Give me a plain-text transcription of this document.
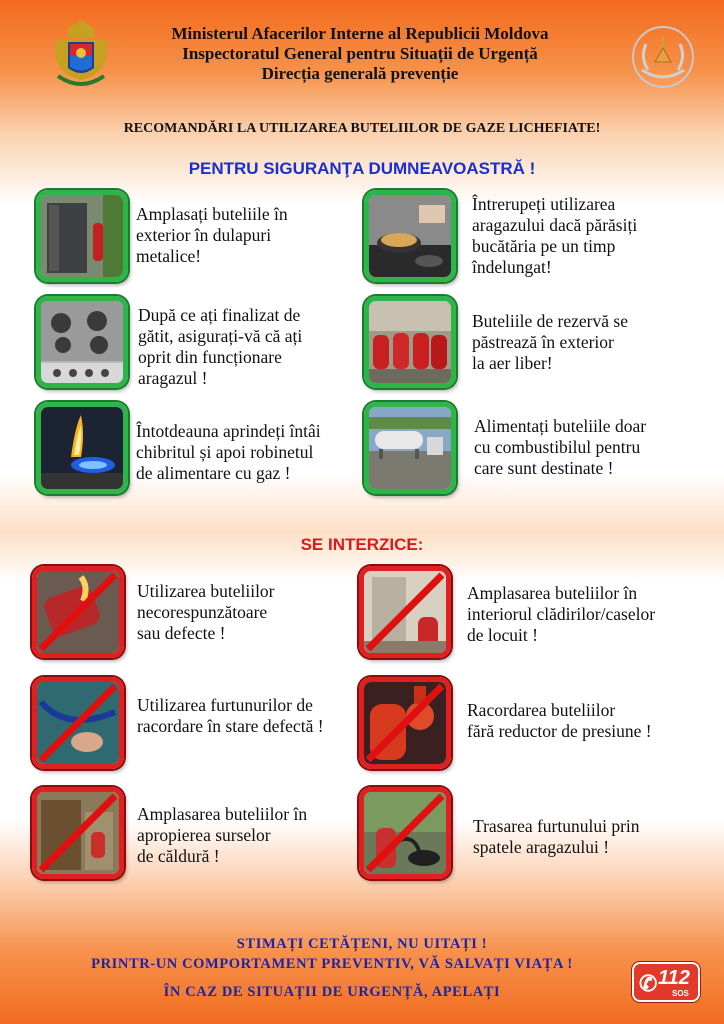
Ministerul Afacerilor Interne al Republicii Moldova
Inspectoratul General pentru Situații de Urgență
Direcția generală prevenție
RECOMANDĂRI LA UTILIZAREA BUTELIILOR DE GAZE LICHEFIATE!
PENTRU SIGURANŢA DUMNEAVOASTRĂ !
Amplasați buteliile în
exterior în dulapuri
metalice!
Întrerupeți utilizarea
aragazului dacă părăsiți
bucătăria pe un timp
îndelungat!
După ce ați finalizat de
gătit, asigurați-vă că ați
oprit din funcționare
aragazul !
Buteliile de rezervă se
păstrează în exterior
la aer liber!
Întotdeauna aprindeți întâi
chibritul și apoi robinetul
de alimentare cu gaz !
Alimentați buteliile doar
cu combustibilul pentru
care sunt destinate !
SE INTERZICE:
Utilizarea buteliilor
necorespunzătoare
sau defecte !
Amplasarea buteliilor în
interiorul clădirilor/caselor
de locuit !
Utilizarea furtunurilor de
racordare în stare defectă !
Racordarea buteliilor
fără reductor de presiune !
Amplasarea buteliilor în
apropierea surselor
de căldură !
Trasarea furtunului prin
spatele aragazului !
STIMAȚI CETĂȚENI, NU UITAȚI !
PRINTR-UN COMPORTAMENT PREVENTIV, VĂ SALVAȚI VIAȚA !
ÎN CAZ DE SITUAȚII DE URGENȚĂ, APELAȚI	✆ 112
SOS
